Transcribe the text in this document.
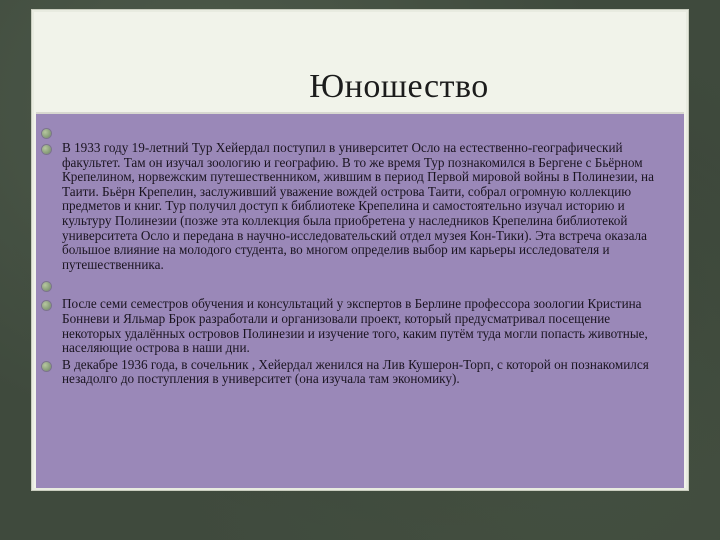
Юношество
В 1933 году 19-летний Тур Хейердал поступил в университет Осло на естественно-географический факультет. Там он изучал зоологию и географию. В то же время Тур познакомился в Бергене с Бьёрном Крепелином, норвежским путешественником, жившим в период Первой мировой войны в Полинезии, на Таити. Бьёрн Крепелин, заслуживший уважение вождей острова Таити, собрал огромную коллекцию предметов и книг. Тур получил доступ к библиотеке Крепелина и самостоятельно изучал историю и культуру Полинезии (позже эта коллекция была приобретена у наследников Крепелина библиотекой университета Осло и передана в научно-исследовательский отдел музея Кон-Тики). Эта встреча оказала большое влияние на молодого студента, во многом определив выбор им карьеры исследователя и путешественника.
После семи семестров обучения и консультаций у экспертов в Берлине профессора зоологии Кристина Бонневи и Яльмар Брок разработали и организовали проект, который предусматривал посещение некоторых удалённых островов Полинезии и изучение того, каким путём туда могли попасть животные, населяющие острова в наши дни.
В декабре 1936 года, в сочельник , Хейердал женился на Лив Кушерон-Торп, с которой он познакомился незадолго до поступления в университет (она изучала там экономику).
